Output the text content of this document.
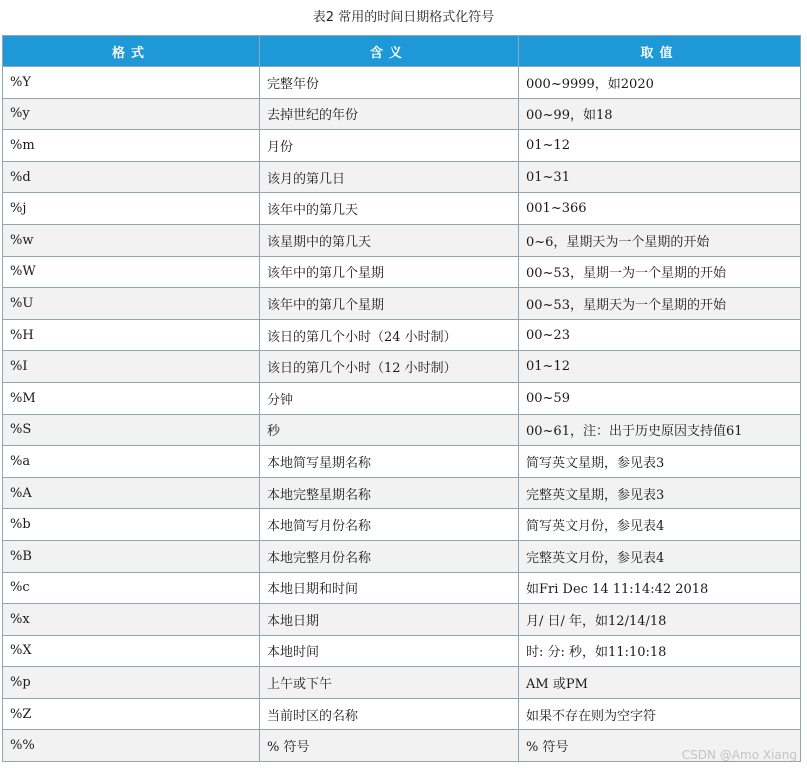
表2 常用的时间日期格式化符号
格式	含义	取值
%Y	完整年份	000~9999，如2020
%y	去掉世纪的年份	00~99，如18
%m	月份	01~12
%d	该月的第几日	01~31
%j	该年中的第几天	001~366
%w	该星期中的第几天	0~6，星期天为一个星期的开始
%W	该年中的第几个星期	00~53，星期一为一个星期的开始
%U	该年中的第几个星期	00~53，星期天为一个星期的开始
%H	该日的第几个小时（24 小时制）	00~23
%I	该日的第几个小时（12 小时制）	01~12
%M	分钟	00~59
%S	秒	00~61，注：出于历史原因支持值61
%a	本地简写星期名称	简写英文星期，参见表3
%A	本地完整星期名称	完整英文星期，参见表3
%b	本地简写月份名称	简写英文月份，参见表4
%B	本地完整月份名称	完整英文月份，参见表4
%c	本地日期和时间	如Fri Dec 14 11:14:42 2018
%x	本地日期	月/ 日/ 年，如12/14/18
%X	本地时间	时: 分: 秒，如11:10:18
%p	上午或下午	AM 或PM
%Z	当前时区的名称	如果不存在则为空字符
%%	% 符号	% 符号	CSDN @Amo Xiang
